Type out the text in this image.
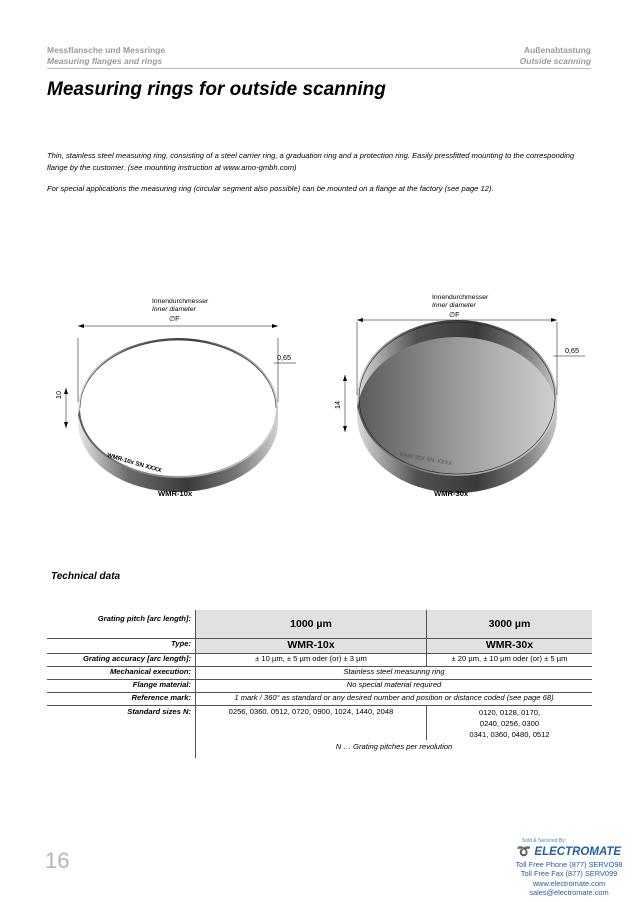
Messflansche und Messringe
Measuring flanges and rings
Außenabtastung
Outside scanning
Measuring rings for outside scanning
Thin, stainless steel measuring ring, consisting of a steel carrier ring, a graduation ring and a protection ring. Easily pressfitted mounting to the corresponding flange by the customer. (see mounting instruction at www.amo-gmbh.com)
For special applications the measuring ring (circular segment also possible) can be mounted on a flange at the factory (see page 12).
Innendurchmesser
Inner diameter
∅F
0,65
10
WMR-10x SN XXXX
WMR-10x
Innendurchmesser
Inner diameter
∅F
0,65
14
WMR-30X SN: XXXX
WMR-30x
Technical data
Grating pitch [arc length]:	1000 µm	3000 µm
Type:	WMR-10x	WMR-30x
Grating accuracy [arc length]:	± 10 µm, ± 5 µm oder (or) ± 3 µm	± 20 µm, ± 10 µm oder (or) ± 5 µm
Mechanical execution:	Stainless steel measuring ring	
Flange material:	No special material required	
Reference mark:	1 mark / 360° as standard or any desired number and position or distance coded (see page 68)	
Standard sizes N:	0256, 0360. 0512, 0720, 0900, 1024, 1440, 2048	0120, 0128, 0170,
0240, 0256, 0300
0341, 0360, 0480, 0512

	N … Grating pitches per revolution	
16
Sold & Serviced By:
➰ ELECTROMATE
Toll Free Phone (877) SERVO98
Toll Free Fax (877) SERV099
www.electromate.com
sales@electromate.com
